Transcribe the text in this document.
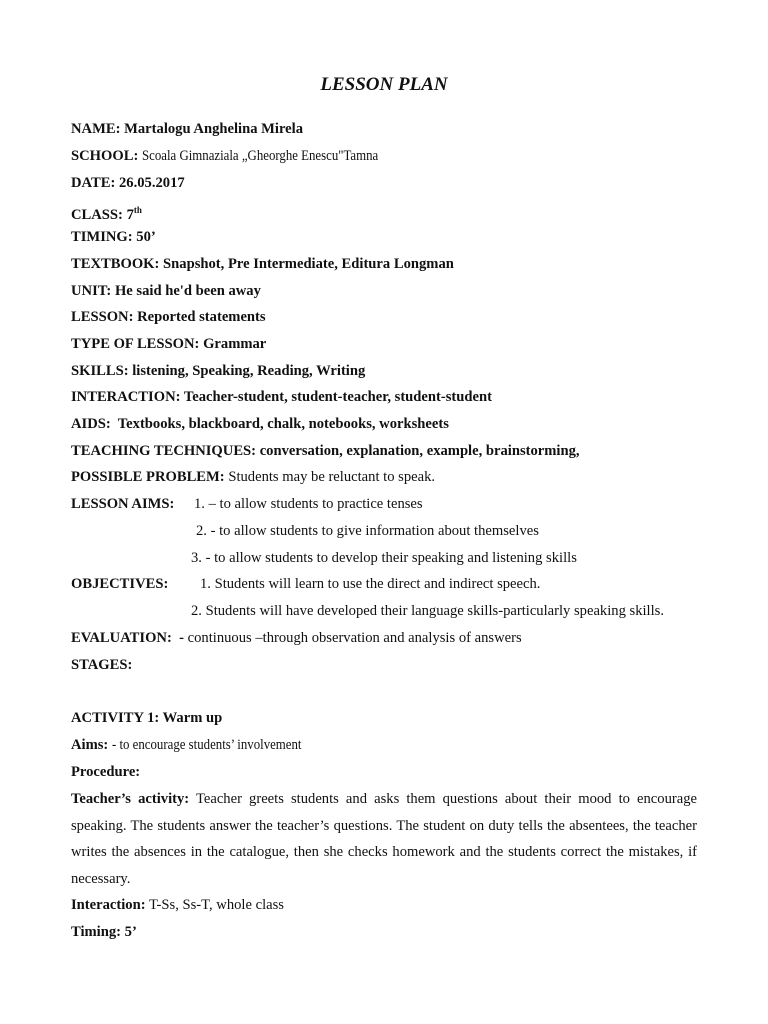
LESSON PLAN
NAME: Martalogu Anghelina Mirela
SCHOOL: Scoala Gimnaziala „Gheorghe Enescu"Tamna
DATE: 26.05.2017
CLASS: 7th
TIMING: 50’
TEXTBOOK: Snapshot, Pre Intermediate, Editura Longman
UNIT: He said he'd been away
LESSON: Reported statements
TYPE OF LESSON: Grammar
SKILLS: listening, Speaking, Reading, Writing
INTERACTION: Teacher-student, student-teacher, student-student
AIDS: Textbooks, blackboard, chalk, notebooks, worksheets
TEACHING TECHNIQUES: conversation, explanation, example, brainstorming,
POSSIBLE PROBLEM: Students may be reluctant to speak.
LESSON AIMS: 1. – to allow students to practice tenses
2. - to allow students to give information about themselves
3. - to allow students to develop their speaking and listening skills
OBJECTIVES: 1. Students will learn to use the direct and indirect speech.
2. Students will have developed their language skills-particularly speaking skills.
EVALUATION: - continuous –through observation and analysis of answers
STAGES:
ACTIVITY 1: Warm up
Aims: - to encourage students’ involvement
Procedure:
Teacher’s activity: Teacher greets students and asks them questions about their mood to encourage speaking. The students answer the teacher’s questions. The student on duty tells the absentees, the teacher writes the absences in the catalogue, then she checks homework and the students correct the mistakes, if necessary.
Interaction: T-Ss, Ss-T, whole class
Timing: 5’
